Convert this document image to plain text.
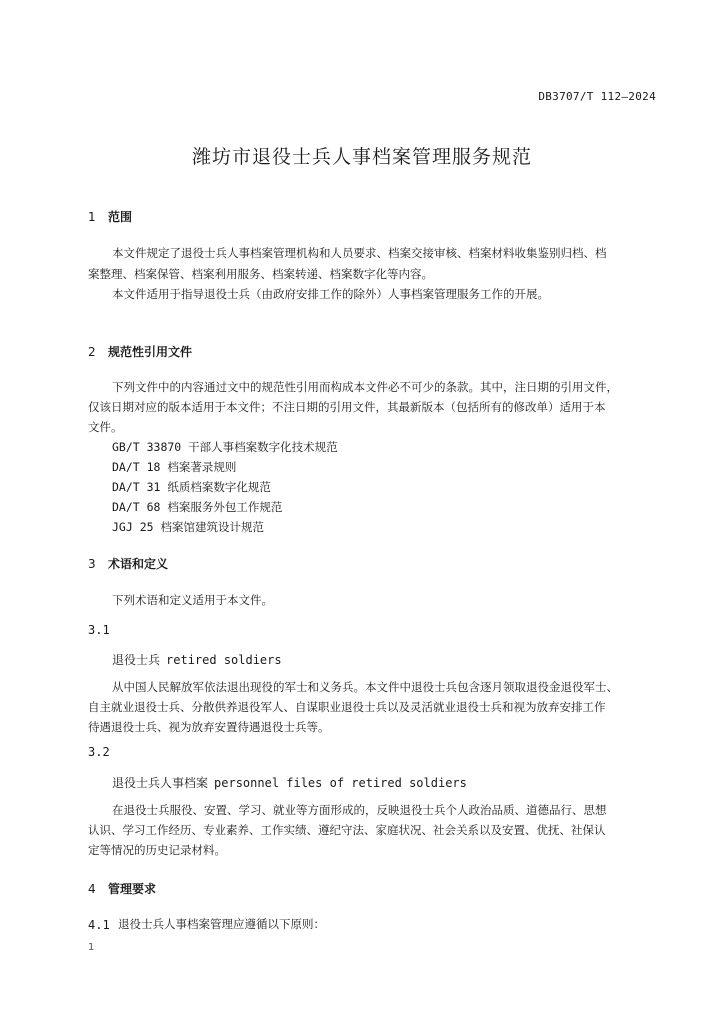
DB3707/T 112—2024
潍坊市退役士兵人事档案管理服务规范
1 范围
本文件规定了退役士兵人事档案管理机构和人员要求、档案交接审核、档案材料收集鉴别归档、档
案整理、档案保管、档案利用服务、档案转递、档案数字化等内容。
本文件适用于指导退役士兵（由政府安排工作的除外）人事档案管理服务工作的开展。
2 规范性引用文件
下列文件中的内容通过文中的规范性引用而构成本文件必不可少的条款。其中，注日期的引用文件，
仅该日期对应的版本适用于本文件；不注日期的引用文件，其最新版本（包括所有的修改单）适用于本
文件。
GB/T 33870 干部人事档案数字化技术规范
DA/T 18 档案著录规则
DA/T 31 纸质档案数字化规范
DA/T 68 档案服务外包工作规范
JGJ 25 档案馆建筑设计规范
3 术语和定义
下列术语和定义适用于本文件。
3.1
退役士兵 retired soldiers
从中国人民解放军依法退出现役的军士和义务兵。本文件中退役士兵包含逐月领取退役金退役军士、
自主就业退役士兵、分散供养退役军人、自谋职业退役士兵以及灵活就业退役士兵和视为放弃安排工作
待遇退役士兵、视为放弃安置待遇退役士兵等。
3.2
退役士兵人事档案 personnel files of retired soldiers
在退役士兵服役、安置、学习、就业等方面形成的，反映退役士兵个人政治品质、道德品行、思想
认识、学习工作经历、专业素养、工作实绩、遵纪守法、家庭状况、社会关系以及安置、优抚、社保认
定等情况的历史记录材料。
4 管理要求
4.1 退役士兵人事档案管理应遵循以下原则：
1
